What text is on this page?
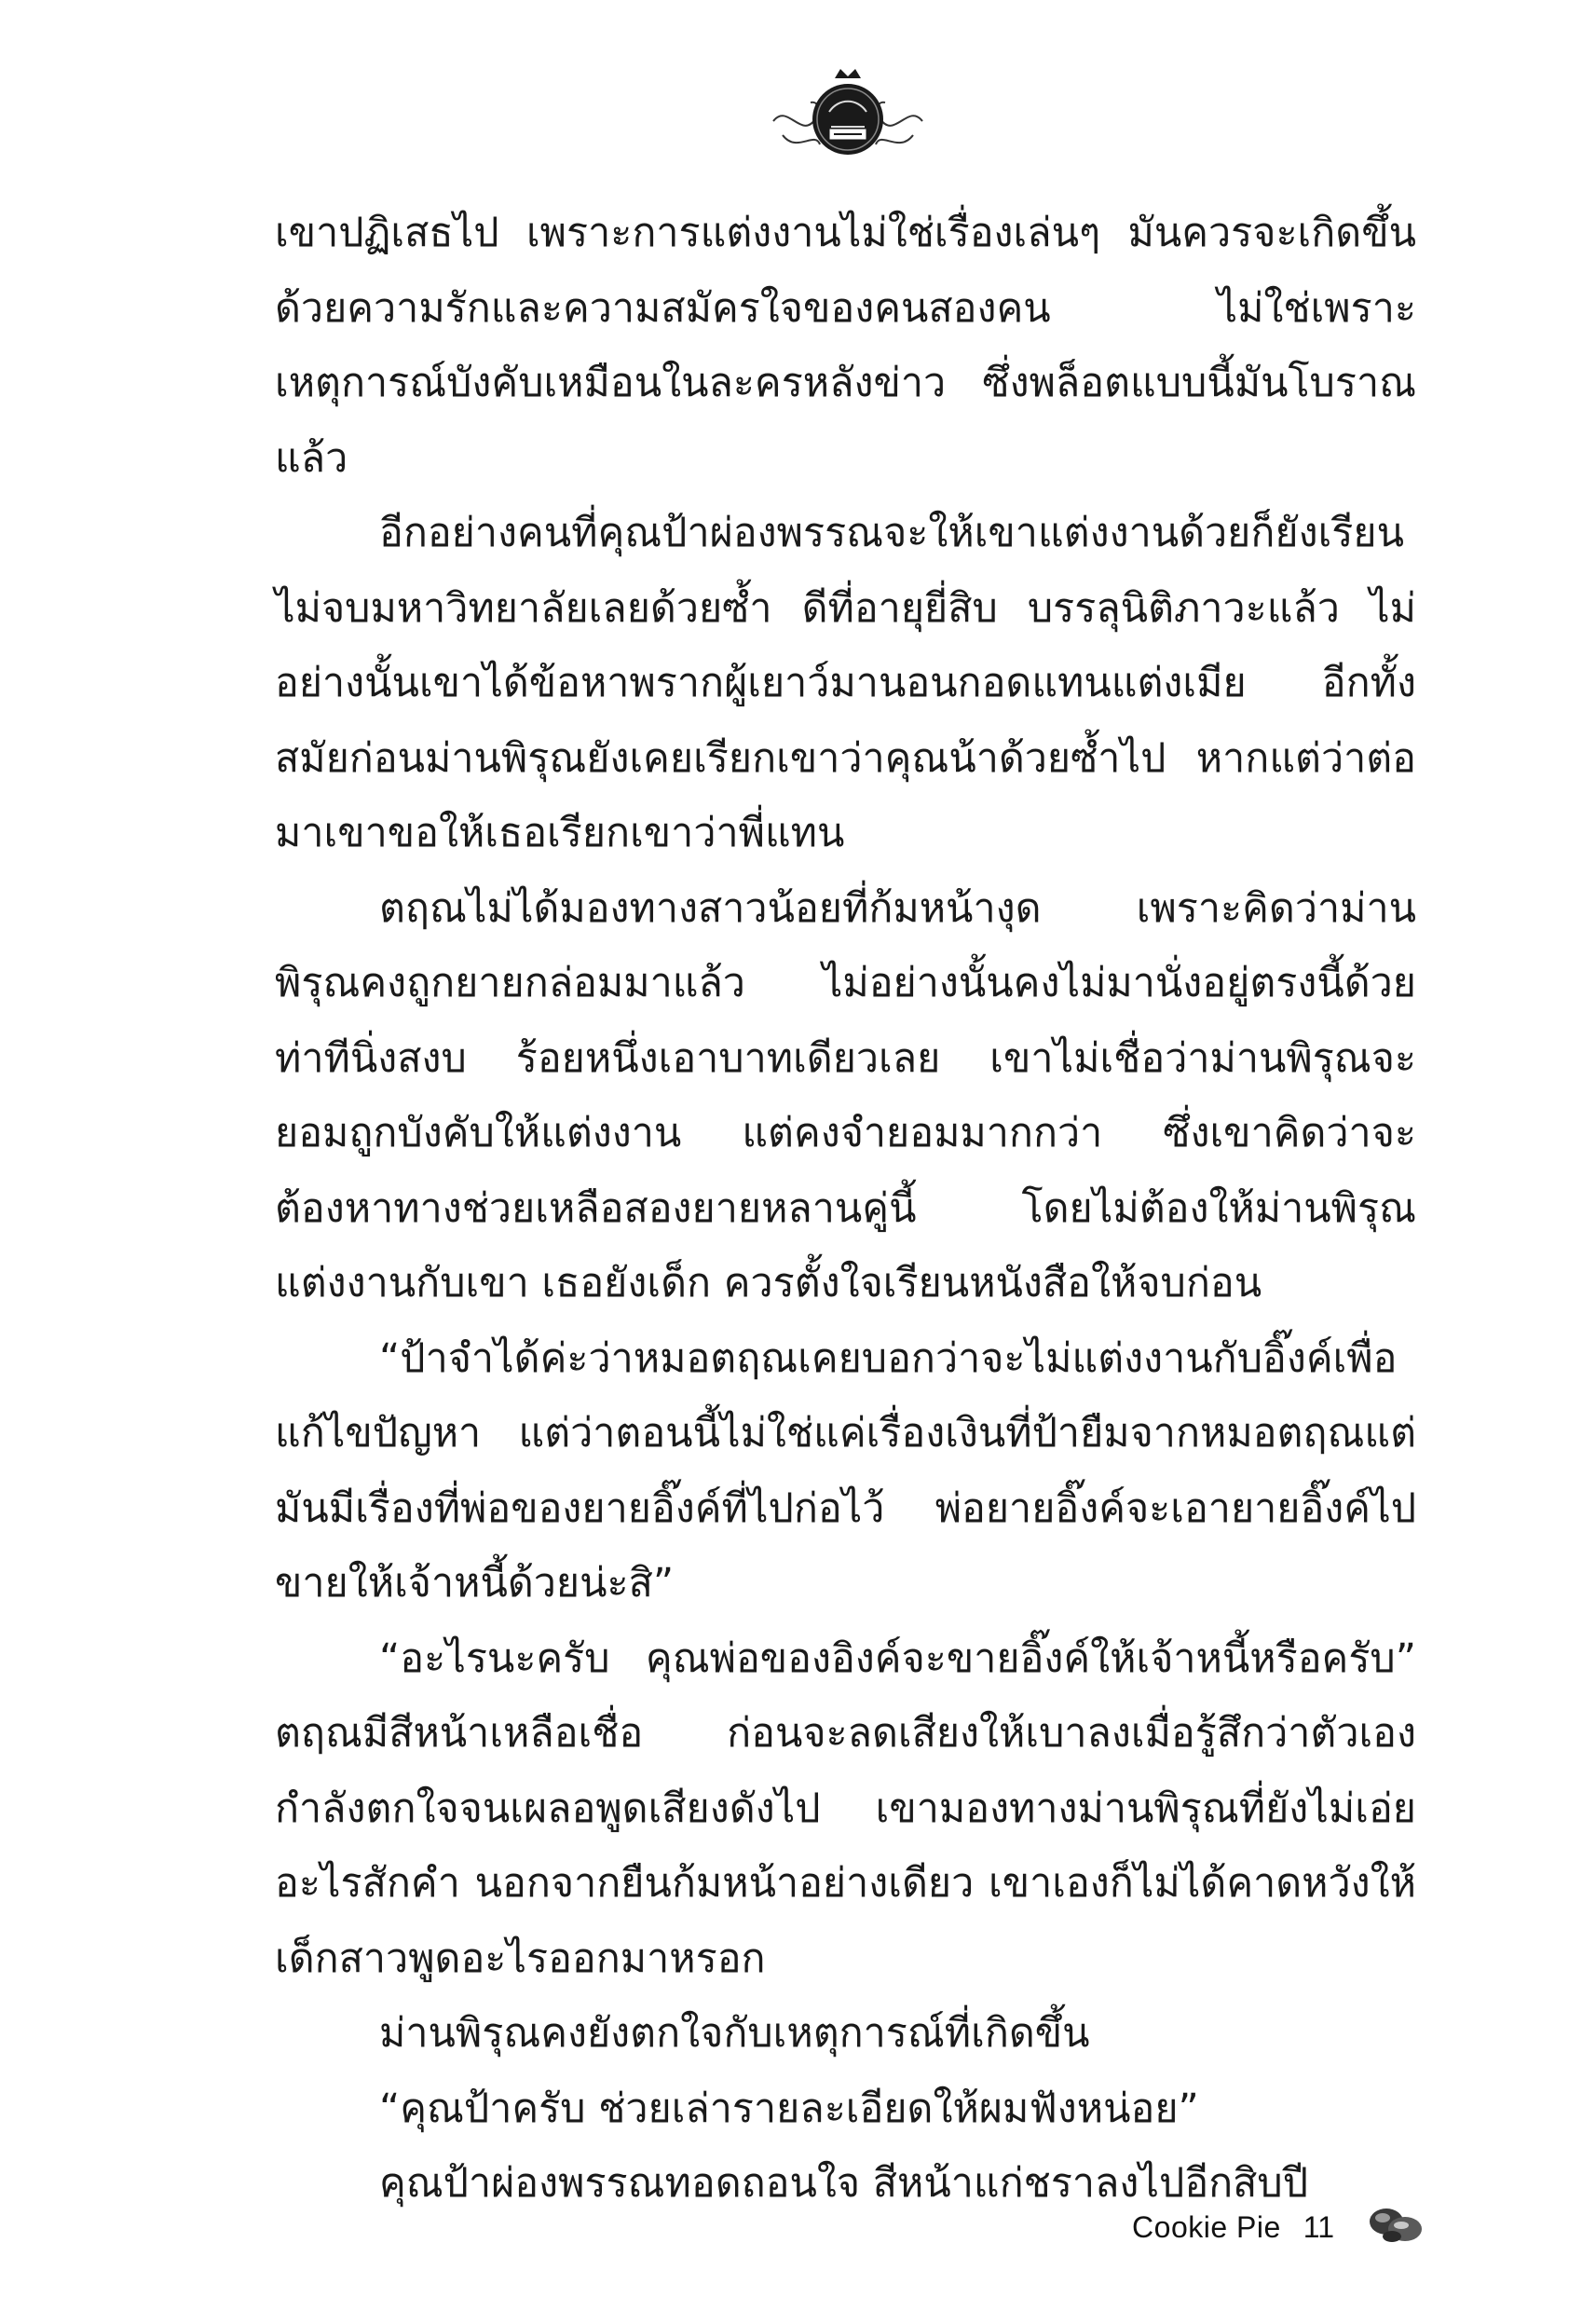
เขาปฏิเสธไป เพราะการแต่งงานไม่ใช่เรื่องเล่นๆ มันควรจะเกิดขึ้นด้วยความรักและความสมัครใจของคนสองคน ไม่ใช่เพราะเหตุการณ์บังคับเหมือนในละครหลังข่าว ซึ่งพล็อตแบบนี้มันโบราณแล้ว

อีกอย่างคนที่คุณป้าผ่องพรรณจะให้เขาแต่งงานด้วยก็ยังเรียนไม่จบมหาวิทยาลัยเลยด้วยซ้ำ ดีที่อายุยี่สิบ บรรลุนิติภาวะแล้ว ไม่อย่างนั้นเขาได้ข้อหาพรากผู้เยาว์มานอนกอดแทนแต่งเมีย อีกทั้งสมัยก่อนม่านพิรุณยังเคยเรียกเขาว่าคุณน้าด้วยซ้ำไป หากแต่ว่าต่อมาเขาขอให้เธอเรียกเขาว่าพี่แทน

ตฤณไม่ได้มองทางสาวน้อยที่ก้มหน้างุด เพราะคิดว่าม่านพิรุณคงถูกยายกล่อมมาแล้ว ไม่อย่างนั้นคงไม่มานั่งอยู่ตรงนี้ด้วยท่าทีนิ่งสงบ ร้อยหนึ่งเอาบาทเดียวเลย เขาไม่เชื่อว่าม่านพิรุณจะยอมถูกบังคับให้แต่งงาน แต่คงจำยอมมากกว่า ซึ่งเขาคิดว่าจะต้องหาทางช่วยเหลือสองยายหลานคู่นี้ โดยไม่ต้องให้ม่านพิรุณแต่งงานกับเขา เธอยังเด็ก ควรตั้งใจเรียนหนังสือให้จบก่อน

“ป้าจำได้ค่ะว่าหมอตฤณเคยบอกว่าจะไม่แต่งงานกับอิ๊งค์เพื่อแก้ไขปัญหา แต่ว่าตอนนี้ไม่ใช่แค่เรื่องเงินที่ป้ายืมจากหมอตฤณแต่มันมีเรื่องที่พ่อของยายอิ๊งค์ที่ไปก่อไว้ พ่อยายอิ๊งค์จะเอายายอิ๊งค์ไปขายให้เจ้าหนี้ด้วยน่ะสิ”

“อะไรนะครับ คุณพ่อของอิงค์จะขายอิ๊งค์ให้เจ้าหนี้หรือครับ” ตฤณมีสีหน้าเหลือเชื่อ ก่อนจะลดเสียงให้เบาลงเมื่อรู้สึกว่าตัวเองกำลังตกใจจนเผลอพูดเสียงดังไป เขามองทางม่านพิรุณที่ยังไม่เอ่ยอะไรสักคำ นอกจากยืนก้มหน้าอย่างเดียว เขาเองก็ไม่ได้คาดหวังให้เด็กสาวพูดอะไรออกมาหรอก

ม่านพิรุณคงยังตกใจกับเหตุการณ์ที่เกิดขึ้น

“คุณป้าครับ ช่วยเล่ารายละเอียดให้ผมฟังหน่อย”

คุณป้าผ่องพรรณทอดถอนใจ สีหน้าแก่ชราลงไปอีกสิบปี

Cookie Pie 11
